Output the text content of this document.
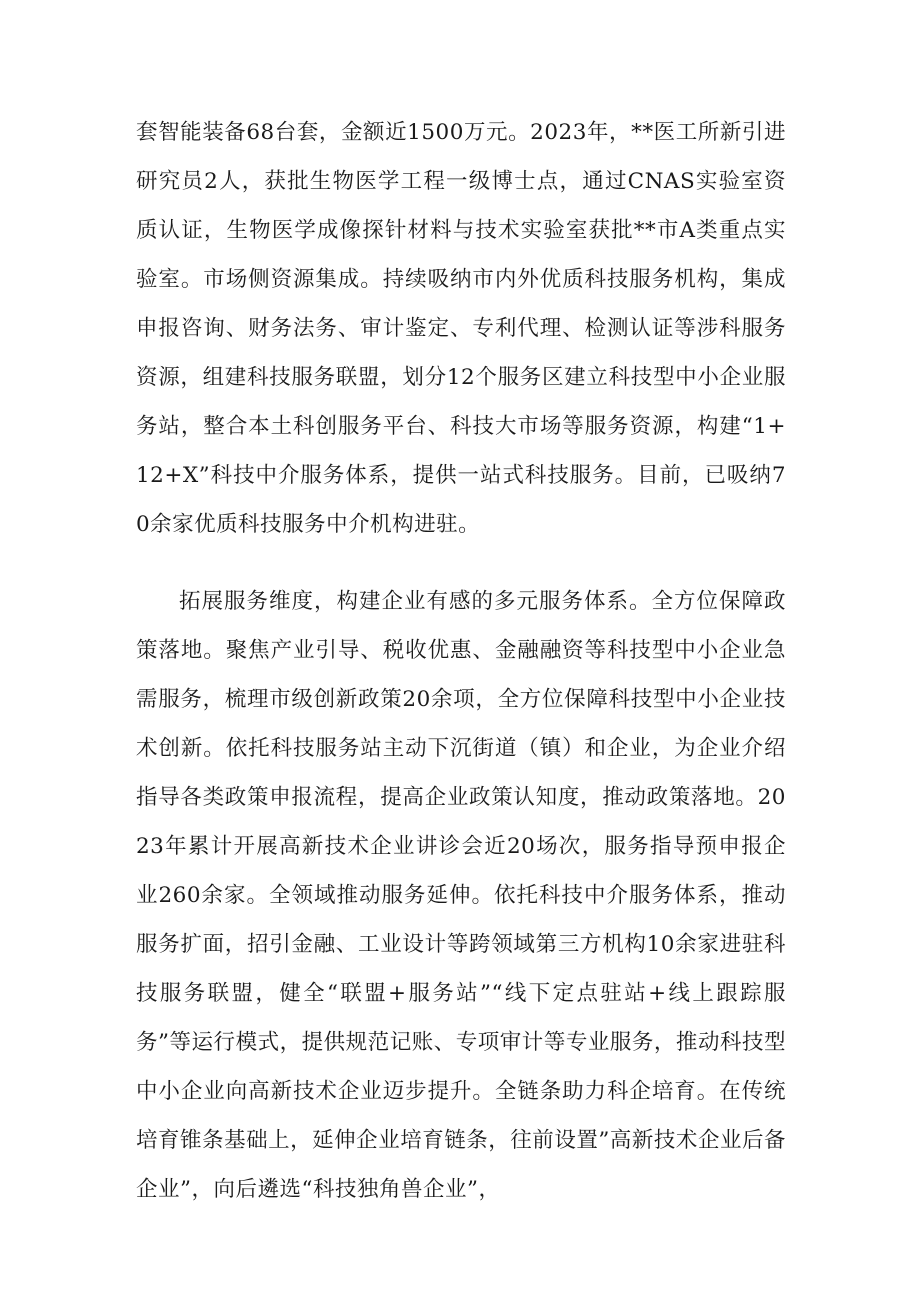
套智能装备68台套，金额近1500万元。2023年，**医工所新引进研究员2人，获批生物医学工程一级博士点，通过CNAS实验室资质认证，生物医学成像探针材料与技术实验室获批**市A类重点实验室。市场侧资源集成。持续吸纳市内外优质科技服务机构，集成申报咨询、财务法务、审计鉴定、专利代理、检测认证等涉科服务资源，组建科技服务联盟，划分12个服务区建立科技型中小企业服务站，整合本土科创服务平台、科技大市场等服务资源，构建“1+12+X”科技中介服务体系，提供一站式科技服务。目前，已吸纳70余家优质科技服务中介机构进驻。

拓展服务维度，构建企业有感的多元服务体系。全方位保障政策落地。聚焦产业引导、税收优惠、金融融资等科技型中小企业急需服务，梳理市级创新政策20余项，全方位保障科技型中小企业技术创新。依托科技服务站主动下沉街道（镇）和企业，为企业介绍指导各类政策申报流程，提高企业政策认知度，推动政策落地。2023年累计开展高新技术企业讲诊会近20场次，服务指导预申报企业260余家。全领域推动服务延伸。依托科技中介服务体系，推动服务扩面，招引金融、工业设计等跨领域第三方机构10余家进驻科技服务联盟，健全“联盟+服务站”“线下定点驻站+线上跟踪服务”等运行模式，提供规范记账、专项审计等专业服务，推动科技型中小企业向高新技术企业迈步提升。全链条助力科企培育。在传统培育锥条基础上，延伸企业培育链条，往前设置”高新技术企业后备企业”，向后遴选“科技独角兽企业”，
